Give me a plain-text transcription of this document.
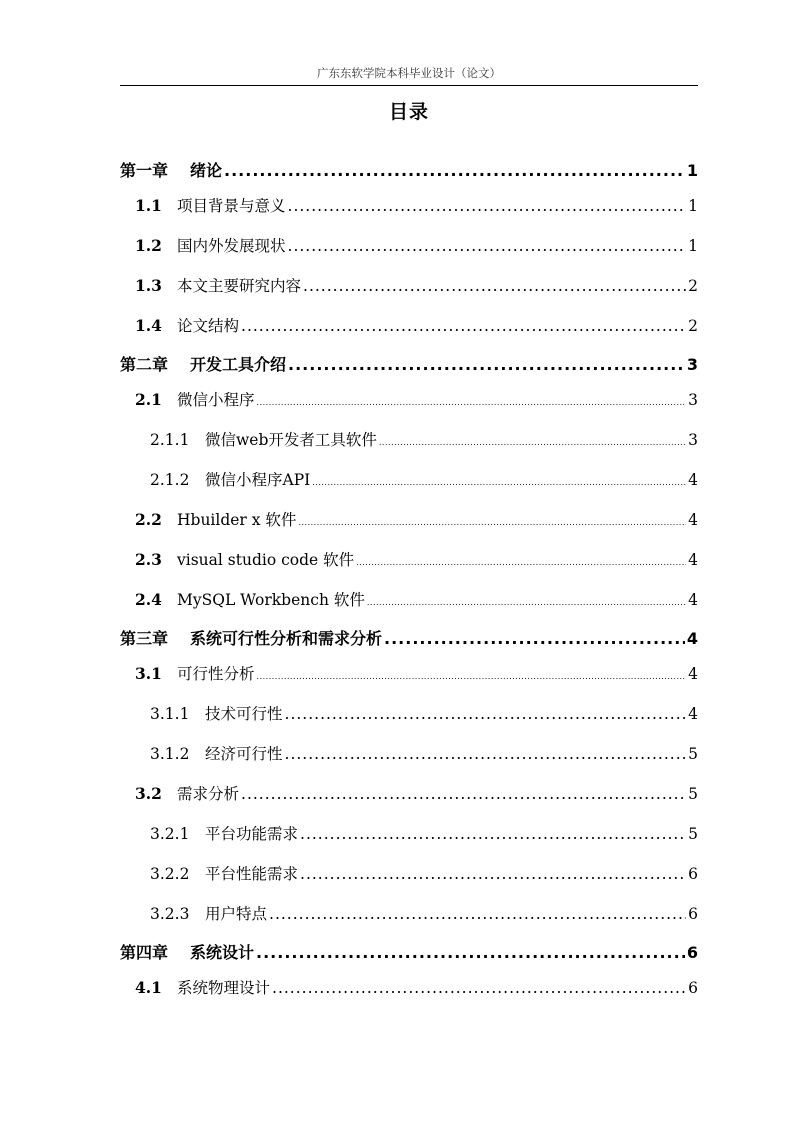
广东东软学院本科毕业设计（论文）
目录
第一章	绪论 .....	1
1.1 项目背景与意义 .....	1
1.2 国内外发展现状 .....	1
1.3 本文主要研究内容 .....	2
1.4 论文结构 .....	2
第二章	开发工具介绍 .....	3
2.1 微信小程序 .....	3
2.1.1	微信web开发者工具软件 .....	3
2.1.2	微信小程序API .....	4
2.2 Hbuilder x 软件 .....	4
2.3 visual studio code 软件 .....	4
2.4 MySQL Workbench 软件 .....	4
第三章	系统可行性分析和需求分析 .....	4
3.1 可行性分析 .....	4
3.1.1	技术可行性 .....	4
3.1.2	经济可行性 .....	5
3.2 需求分析 .....	5
3.2.1	平台功能需求 .....	5
3.2.2	平台性能需求 .....	6
3.2.3	用户特点 .....	6
第四章	系统设计 .....	6
4.1 系统物理设计 .....	6
